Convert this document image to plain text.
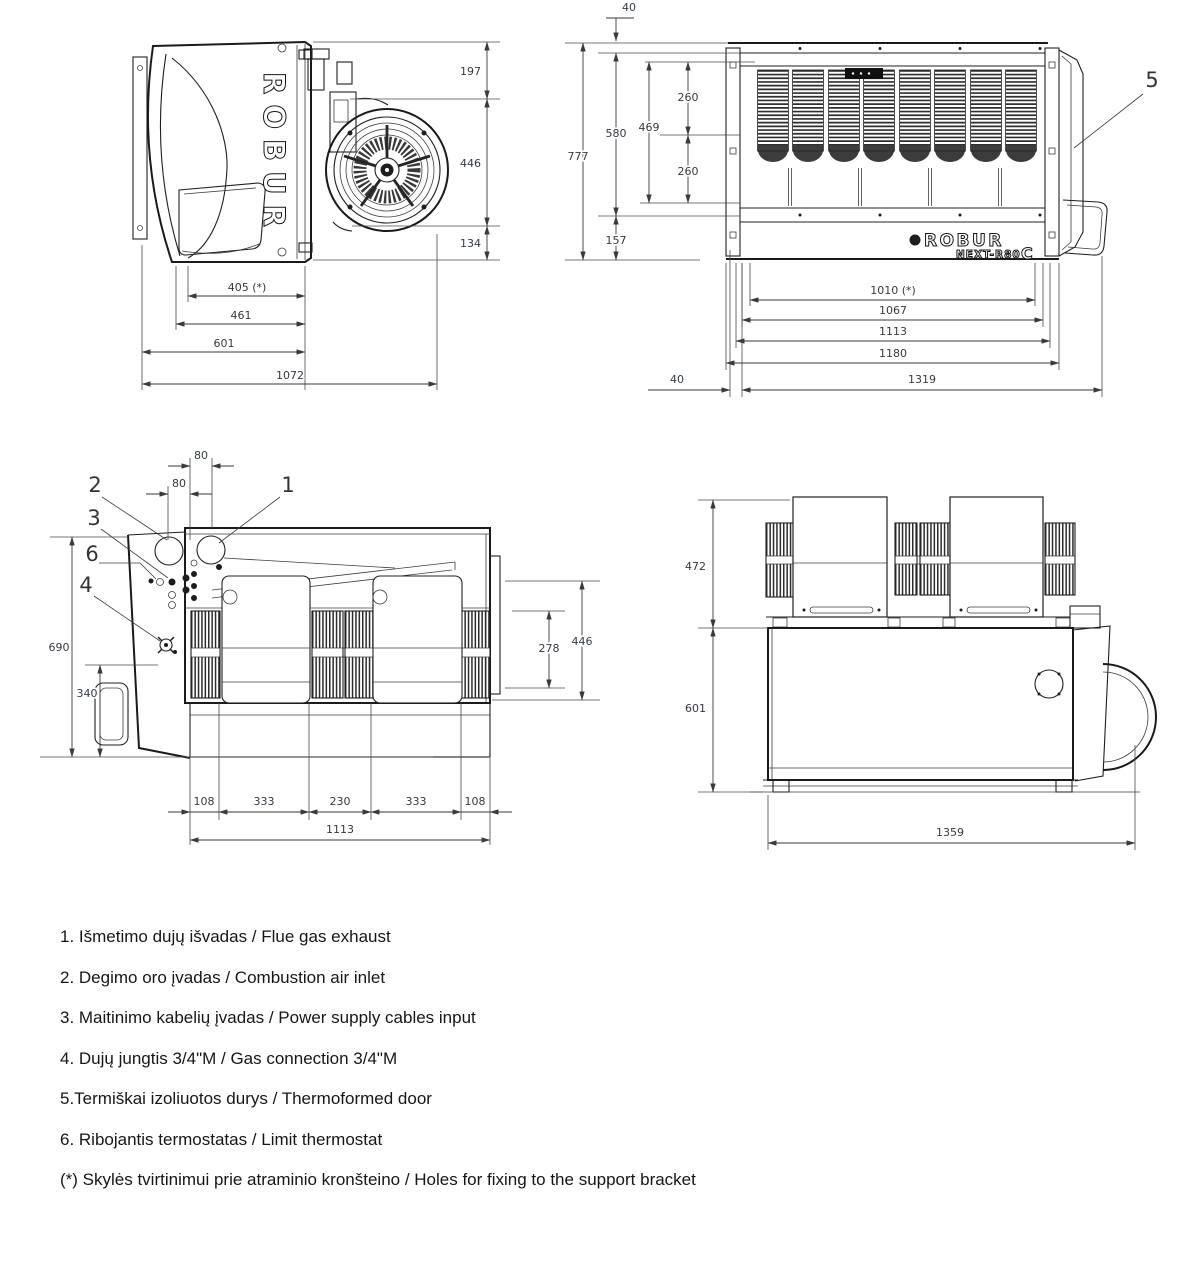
ROBUR
197
446
134
405 (*)
461
601
1072
ROBUR
NEXT-R80 C
5
40
777
580 469
260
260
157
1010 (*)
1067
1113
1180
40	1319
2
3
6
4
1
80
80
690
340
278
446
108	333	230	333	108
1113
472
601
1359
1. Išmetimo dujų išvadas / Flue gas exhaust
2. Degimo oro įvadas / Combustion air inlet
3. Maitinimo kabelių įvadas / Power supply cables input
4. Dujų jungtis 3/4"M / Gas connection 3/4"M
5.Termiškai izoliuotos durys / Thermoformed door
6. Ribojantis termostatas / Limit thermostat
(*) Skylės tvirtinimui prie atraminio kronšteino / Holes for fixing to the support bracket
